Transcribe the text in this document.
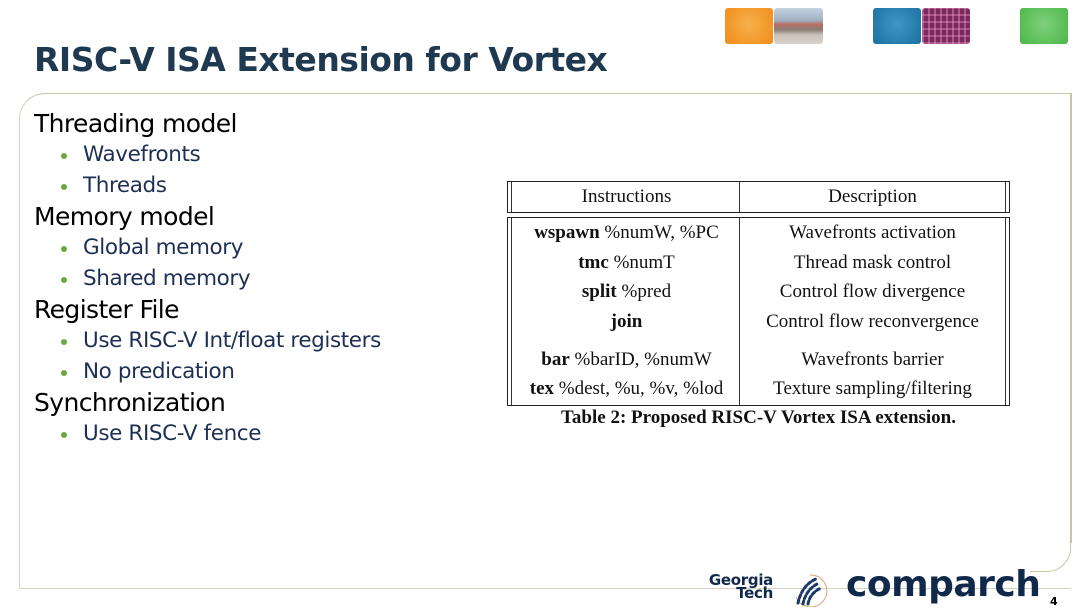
RISC-V ISA Extension for Vortex
Threading model
Wavefronts
Threads
Memory model
Global memory
Shared memory
Register File
Use RISC-V Int/float registers
No predication
Synchronization
Use RISC-V fence
Instructions	Description
wspawn %numW, %PC	Wavefronts activation
tmc %numT	Thread mask control
split %pred	Control flow divergence
join	Control flow reconvergence
bar %barID, %numW	Wavefronts barrier
tex %dest, %u, %v, %lod	Texture sampling/filtering
Table 2: Proposed RISC-V Vortex ISA extension.
Georgia
Tech comparch 4
